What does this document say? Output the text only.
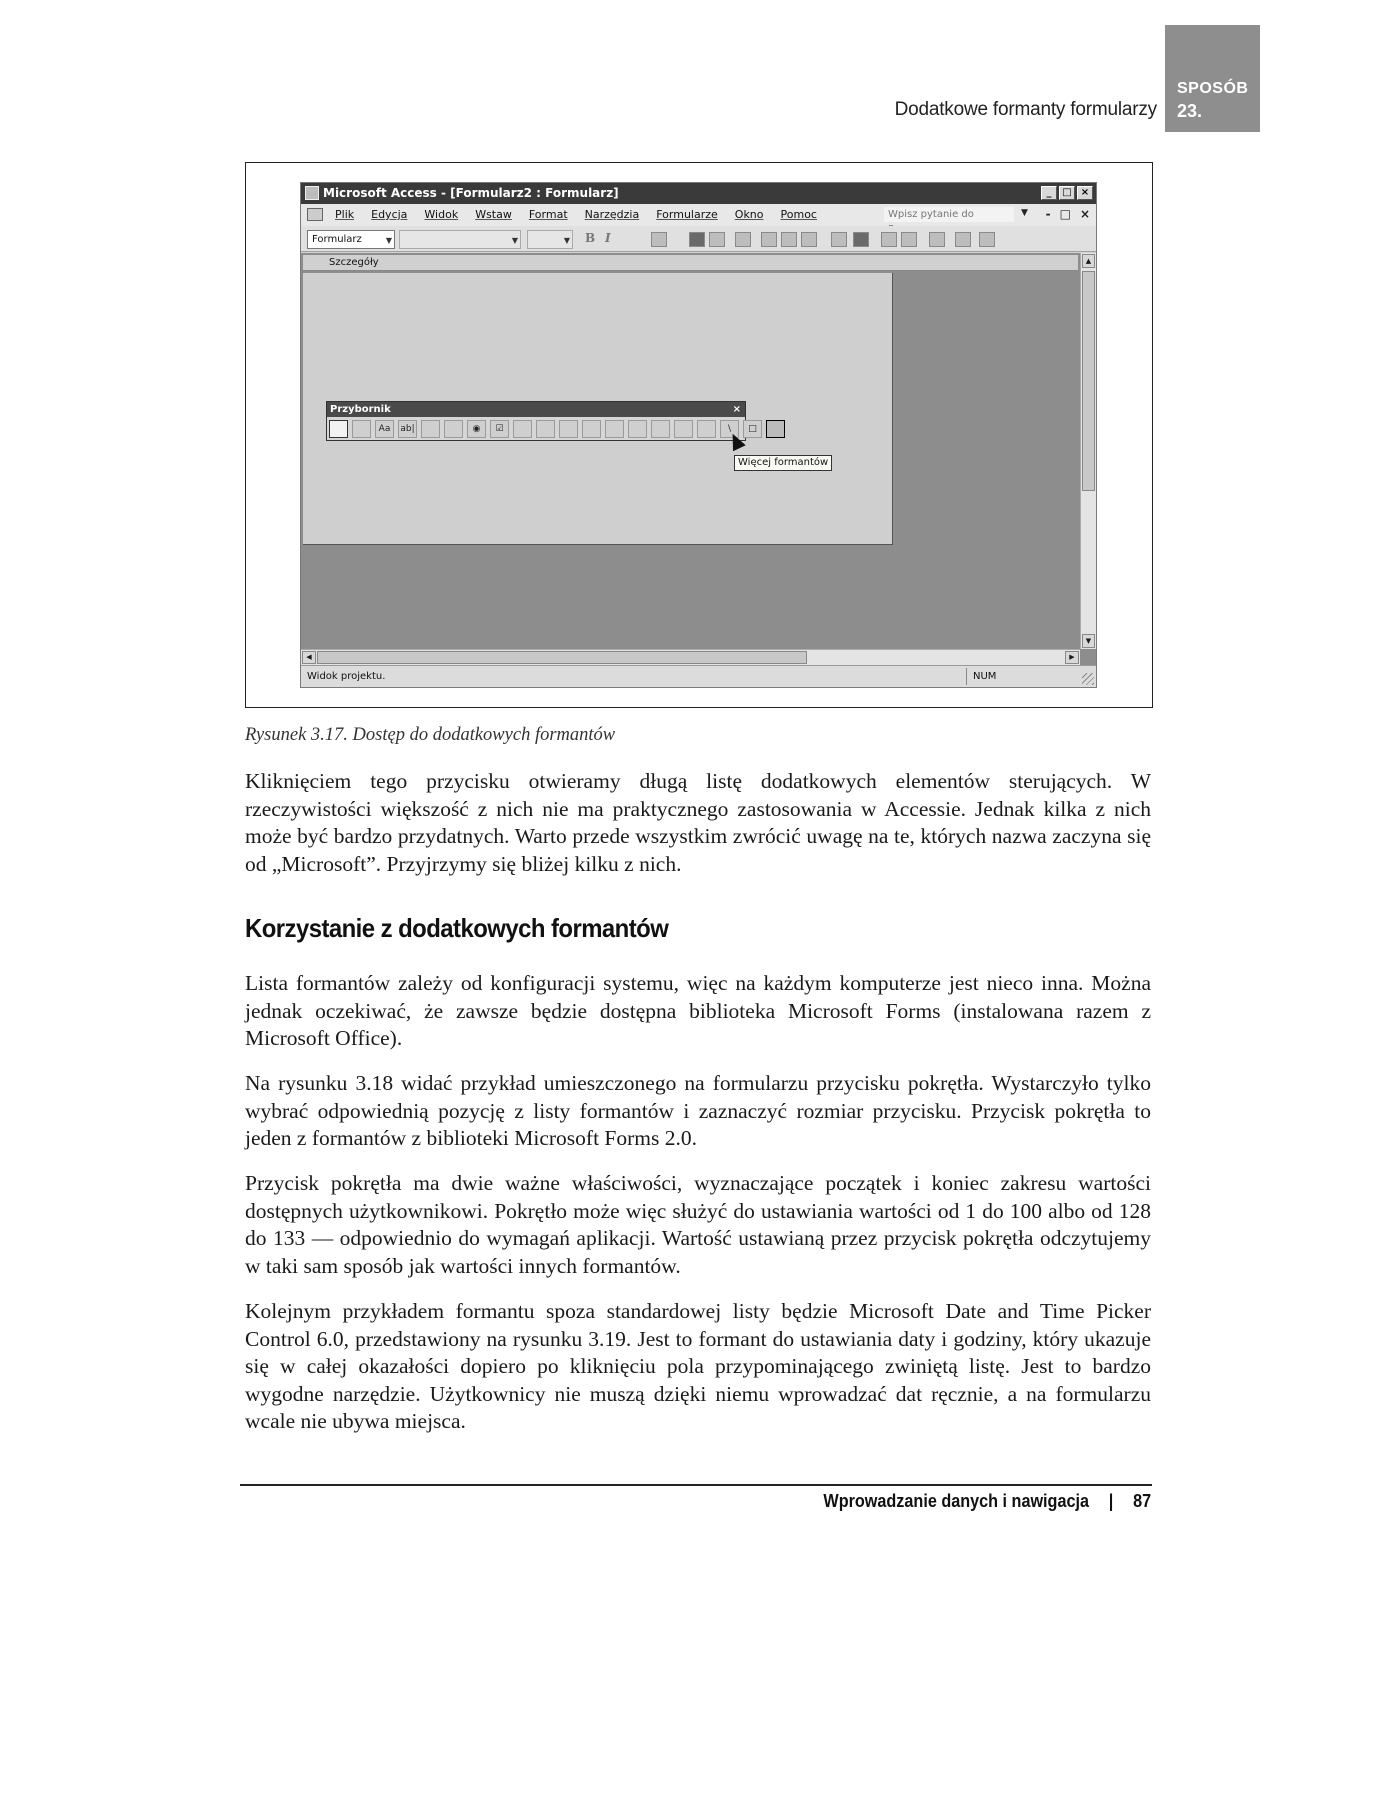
Dodatkowe formanty formularzy
SPOSÓB
23.
Microsoft Access - [Formularz2 : Formularz]	_	□ ×
Plik Edycja Widok Wstaw Format Narzędzia Formularze Okno Pomoc	Wpisz pytanie do	▼ - □ ×
Formularz	▼	▼	▼ B I
Szczegóły
Przybornik	×
Aa	ab|	◉	☑	\	□
Więcej formantów
▲
▼
◀	▶
Widok projektu.	NUM
Rysunek 3.17. Dostęp do dodatkowych formantów

Kliknięciem tego przycisku otwieramy długą listę dodatkowych elementów sterujących. W rzeczywistości większość z nich nie ma praktycznego zastosowania w Accessie. Jednak kilka z nich może być bardzo przydatnych. Warto przede wszystkim zwrócić uwagę na te, których nazwa zaczyna się od „Microsoft”. Przyjrzymy się bliżej kilku z nich.

Korzystanie z dodatkowych formantów

Lista formantów zależy od konfiguracji systemu, więc na każdym komputerze jest nieco inna. Można jednak oczekiwać, że zawsze będzie dostępna biblioteka Microsoft Forms (instalowana razem z Microsoft Office).

Na rysunku 3.18 widać przykład umieszczonego na formularzu przycisku pokrętła. Wystarczyło tylko wybrać odpowiednią pozycję z listy formantów i zaznaczyć rozmiar przycisku. Przycisk pokrętła to jeden z formantów z biblioteki Microsoft Forms 2.0.

Przycisk pokrętła ma dwie ważne właściwości, wyznaczające początek i koniec zakresu wartości dostępnych użytkownikowi. Pokrętło może więc służyć do ustawiania wartości od 1 do 100 albo od 128 do 133 — odpowiednio do wymagań aplikacji. Wartość ustawianą przez przycisk pokrętła odczytujemy w taki sam sposób jak wartości innych formantów.

Kolejnym przykładem formantu spoza standardowej listy będzie Microsoft Date and Time Picker Control 6.0, przedstawiony na rysunku 3.19. Jest to formant do ustawiania daty i godziny, który ukazuje się w całej okazałości dopiero po kliknięciu pola przypominającego zwiniętą listę. Jest to bardzo wygodne narzędzie. Użytkownicy nie muszą dzięki niemu wprowadzać dat ręcznie, a na formularzu wcale nie ubywa miejsca.

Wprowadzanie danych i nawigacja | 87
